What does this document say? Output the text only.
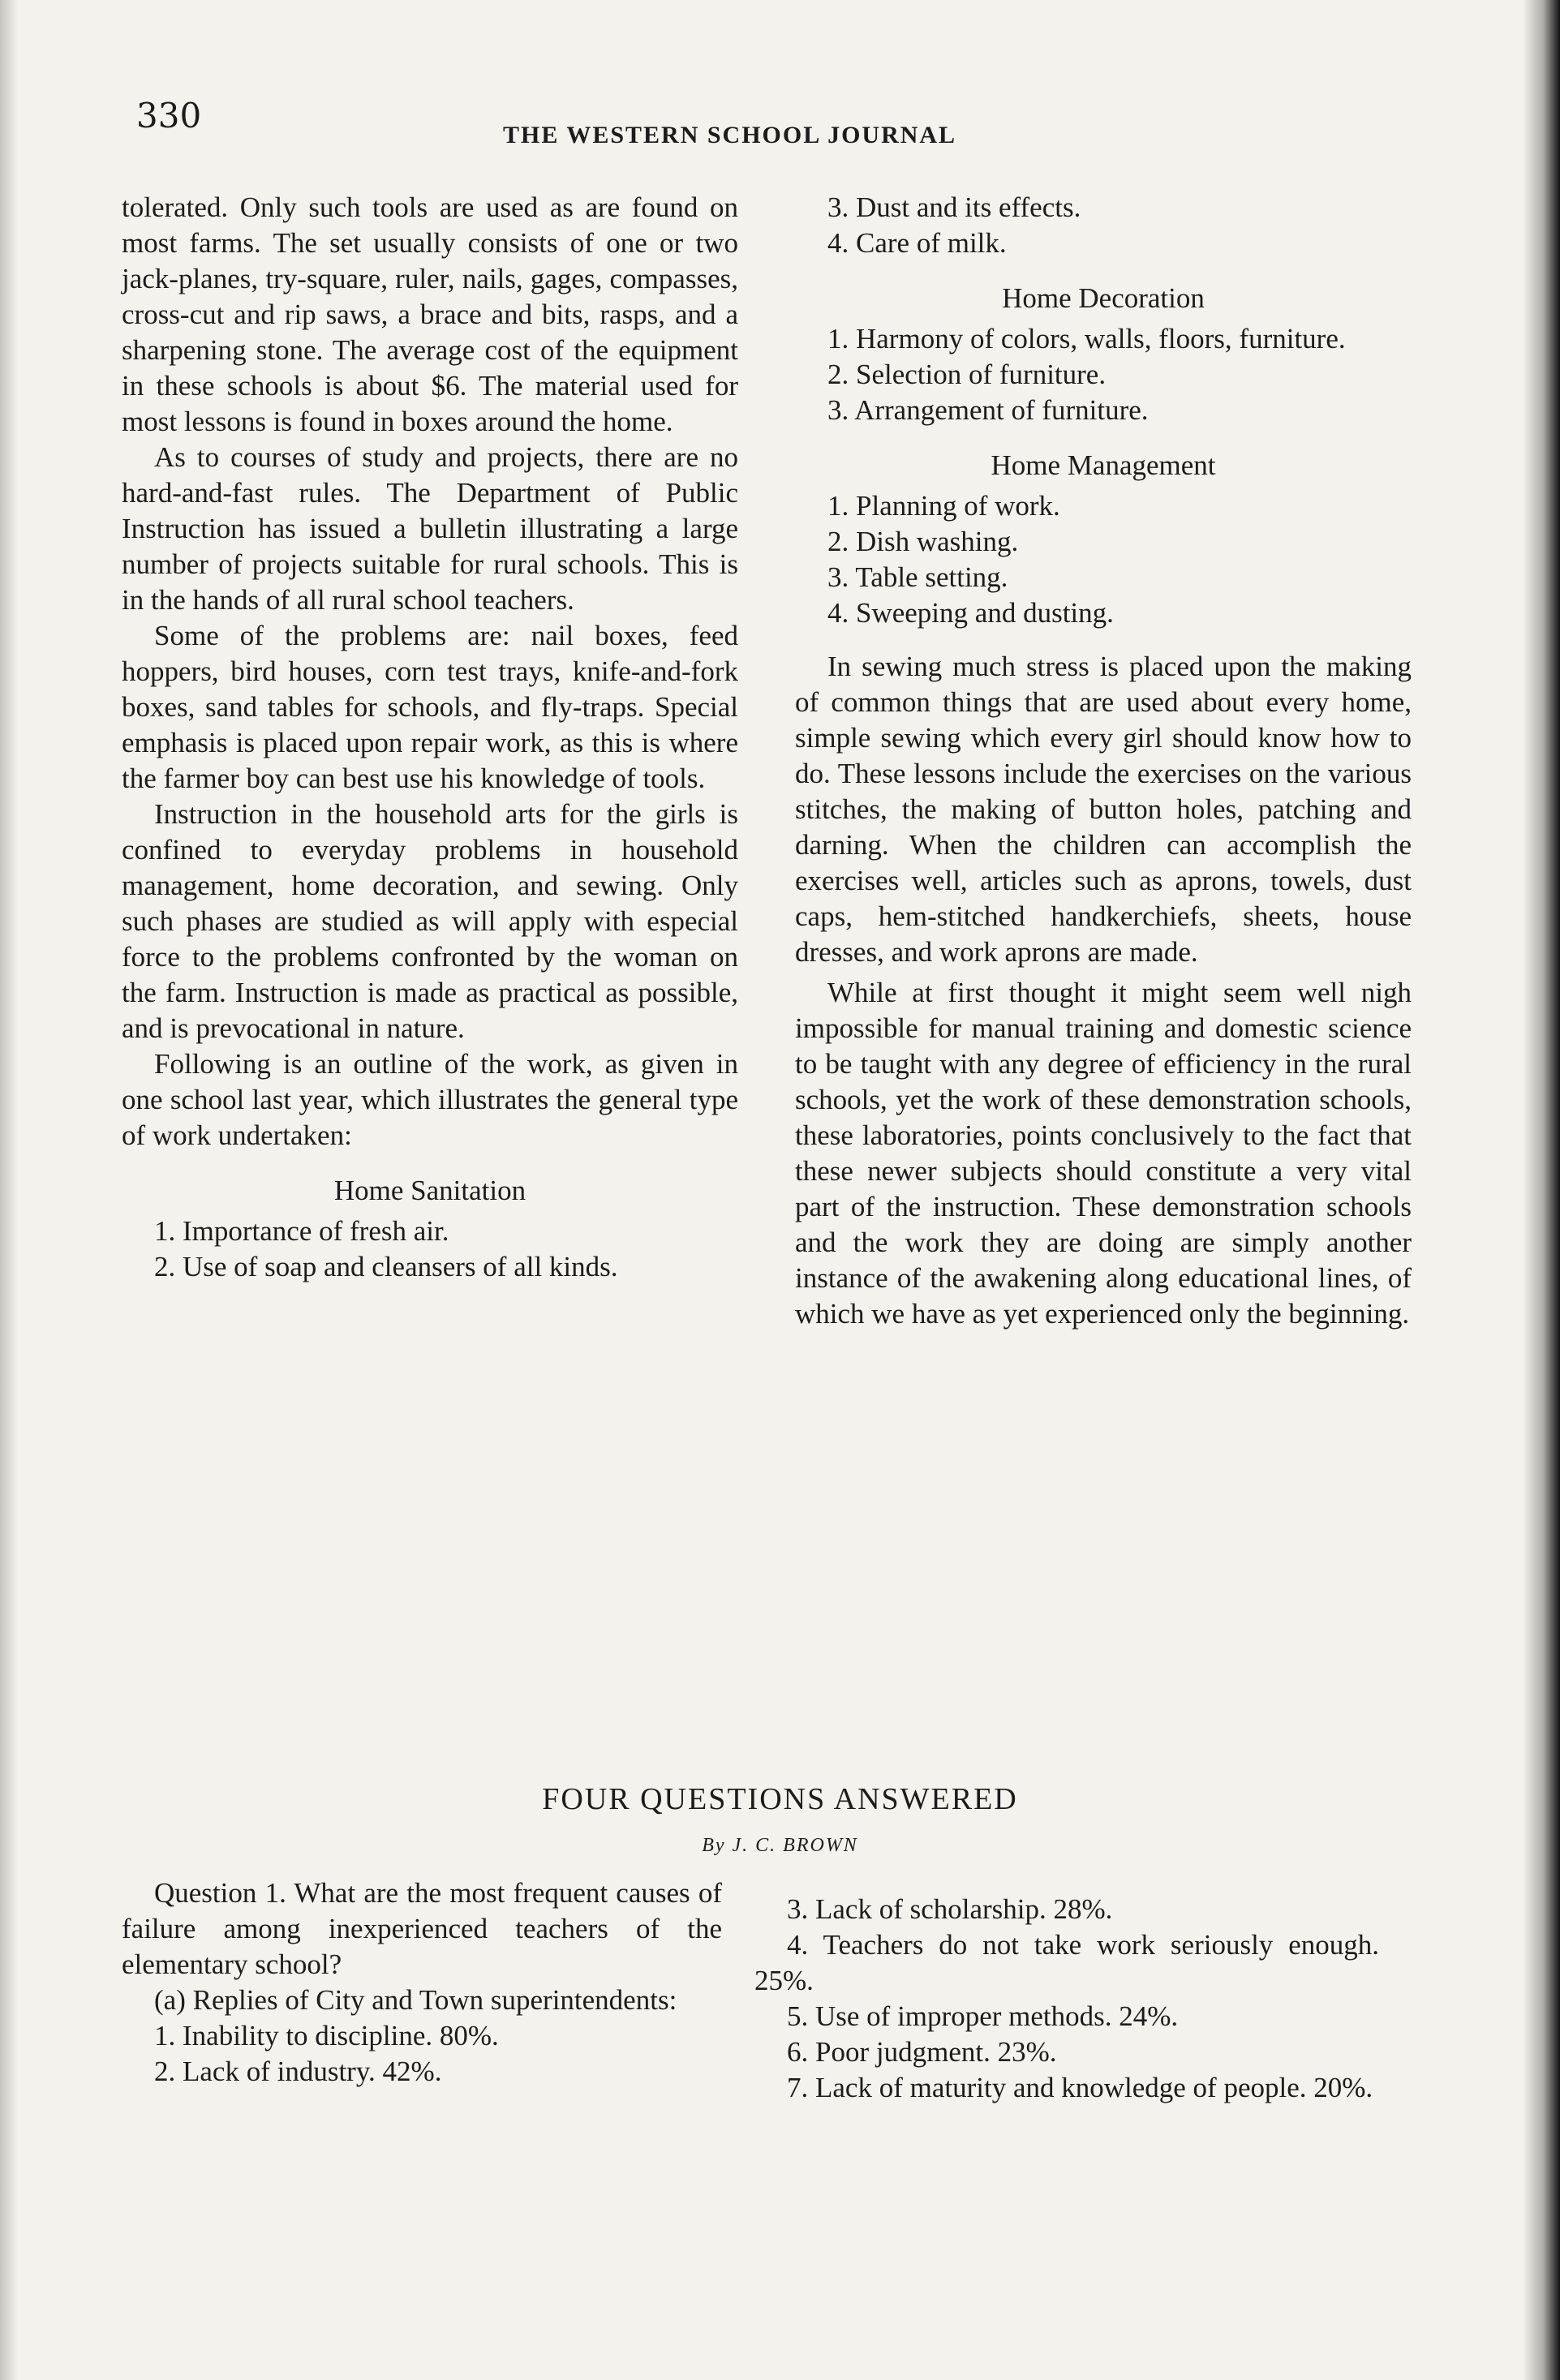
330	THE WESTERN SCHOOL JOURNAL

tolerated. Only such tools are used as are found on most farms. The set usually consists of one or two jack-planes, try-square, ruler, nails, gages, compasses, cross-cut and rip saws, a brace and bits, rasps, and a sharpening stone. The average cost of the equipment in these schools is about $6. The material used for most lessons is found in boxes around the home.

As to courses of study and projects, there are no hard-and-fast rules. The Department of Public Instruction has issued a bulletin illustrating a large number of projects suitable for rural schools. This is in the hands of all rural school teachers.

Some of the problems are: nail boxes, feed hoppers, bird houses, corn test trays, knife-and-fork boxes, sand tables for schools, and fly-traps. Special emphasis is placed upon repair work, as this is where the farmer boy can best use his knowledge of tools.

Instruction in the household arts for the girls is confined to everyday problems in household management, home decoration, and sewing. Only such phases are studied as will apply with especial force to the problems confronted by the woman on the farm. Instruction is made as practical as possible, and is prevocational in nature.

Following is an outline of the work, as given in one school last year, which illustrates the general type of work undertaken:

Home Sanitation

1. Importance of fresh air.

2. Use of soap and cleansers of all kinds.

3. Dust and its effects.

4. Care of milk.

Home Decoration

1. Harmony of colors, walls, floors, furniture.

2. Selection of furniture.

3. Arrangement of furniture.

Home Management

1. Planning of work.

2. Dish washing.

3. Table setting.

4. Sweeping and dusting.

In sewing much stress is placed upon the making of common things that are used about every home, simple sewing which every girl should know how to do. These lessons include the exercises on the various stitches, the making of button holes, patching and darning. When the children can accomplish the exercises well, articles such as aprons, towels, dust caps, hem-stitched handkerchiefs, sheets, house dresses, and work aprons are made.

While at first thought it might seem well nigh impossible for manual training and domestic science to be taught with any degree of efficiency in the rural schools, yet the work of these demonstration schools, these laboratories, points conclusively to the fact that these newer subjects should constitute a very vital part of the instruction. These demonstration schools and the work they are doing are simply another instance of the awakening along educational lines, of which we have as yet experienced only the beginning.

FOUR QUESTIONS ANSWERED
By J. C. BROWN

Question 1. What are the most frequent causes of failure among inexperienced teachers of the elementary school?

(a) Replies of City and Town superintendents:

1. Inability to discipline. 80%.

2. Lack of industry. 42%.

3. Lack of scholarship. 28%.

4. Teachers do not take work seriously enough. 25%.

5. Use of improper methods. 24%.

6. Poor judgment. 23%.

7. Lack of maturity and knowledge of people. 20%.
